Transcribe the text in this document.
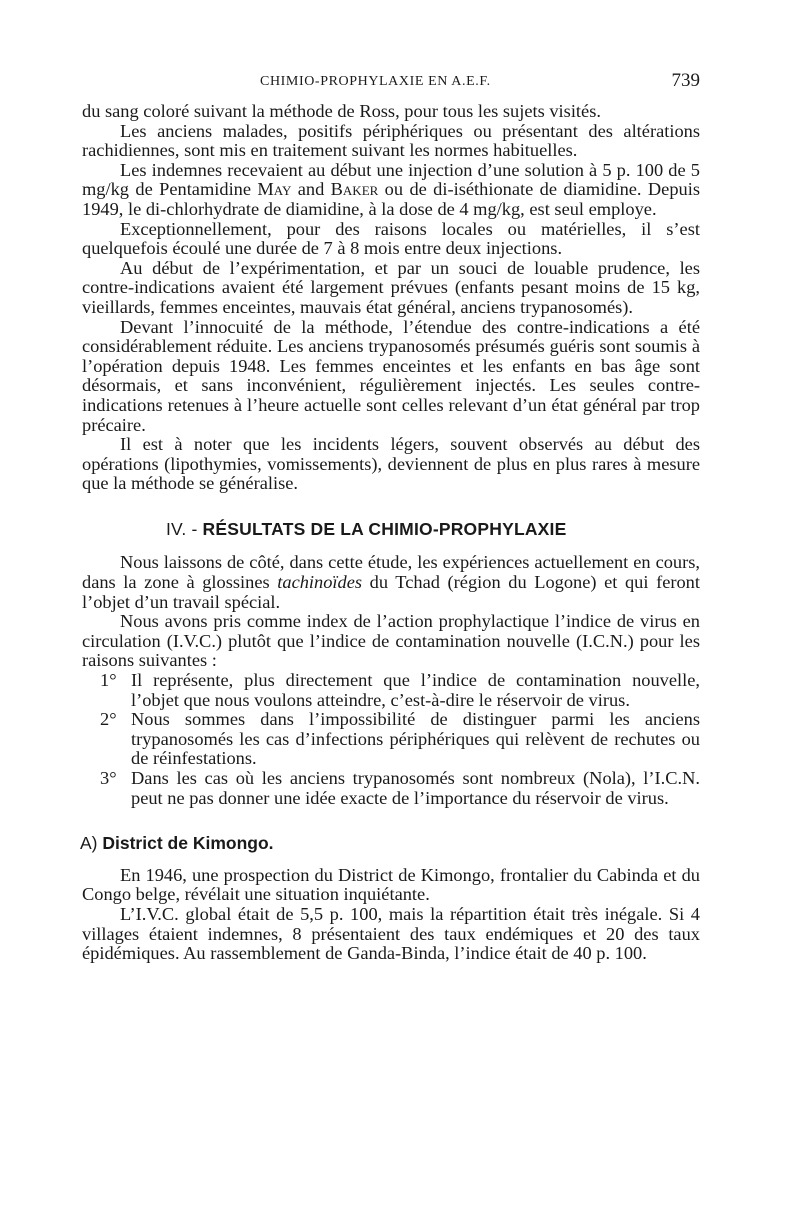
CHIMIO-PROPHYLAXIE EN A.E.F.	739

du sang coloré suivant la méthode de Ross, pour tous les sujets visités.

Les anciens malades, positifs périphériques ou présentant des altérations rachidiennes, sont mis en traitement suivant les normes habituelles.

Les indemnes recevaient au début une injection d’une solution à 5 p. 100 de 5 mg/kg de Pentamidine May and Baker ou de di-iséthionate de diamidine. Depuis 1949, le di-chlorhydrate de diamidine, à la dose de 4 mg/kg, est seul employe.

Exceptionnellement, pour des raisons locales ou matérielles, il s’est quelquefois écoulé une durée de 7 à 8 mois entre deux injections.

Au début de l’expérimentation, et par un souci de louable prudence, les contre-indications avaient été largement prévues (enfants pesant moins de 15 kg, vieillards, femmes enceintes, mauvais état général, anciens trypanosomés).

Devant l’innocuité de la méthode, l’étendue des contre-indications a été considérablement réduite. Les anciens trypanosomés présumés guéris sont soumis à l’opération depuis 1948. Les femmes enceintes et les enfants en bas âge sont désormais, et sans inconvénient, régulièrement injectés. Les seules contre-indications retenues à l’heure actuelle sont celles relevant d’un état général par trop précaire.

Il est à noter que les incidents légers, souvent observés au début des opérations (lipothymies, vomissements), deviennent de plus en plus rares à mesure que la méthode se généralise.

IV. - RÉSULTATS DE LA CHIMIO-PROPHYLAXIE

Nous laissons de côté, dans cette étude, les expériences actuellement en cours, dans la zone à glossines tachinoïdes du Tchad (région du Logone) et qui feront l’objet d’un travail spécial.

Nous avons pris comme index de l’action prophylactique l’indice de virus en circulation (I.V.C.) plutôt que l’indice de contamination nouvelle (I.C.N.) pour les raisons suivantes :

1° Il représente, plus directement que l’indice de contamination nouvelle, l’objet que nous voulons atteindre, c’est-à-dire le réservoir de virus.
2° Nous sommes dans l’impossibilité de distinguer parmi les anciens trypanosomés les cas d’infections périphériques qui relèvent de rechutes ou de réinfestations.
3° Dans les cas où les anciens trypanosomés sont nombreux (Nola), l’I.C.N. peut ne pas donner une idée exacte de l’importance du réservoir de virus.
A) District de Kimongo.

En 1946, une prospection du District de Kimongo, frontalier du Cabinda et du Congo belge, révélait une situation inquiétante.

L’I.V.C. global était de 5,5 p. 100, mais la répartition était très inégale. Si 4 villages étaient indemnes, 8 présentaient des taux endémiques et 20 des taux épidémiques. Au rassemblement de Ganda-Binda, l’indice était de 40 p. 100.
